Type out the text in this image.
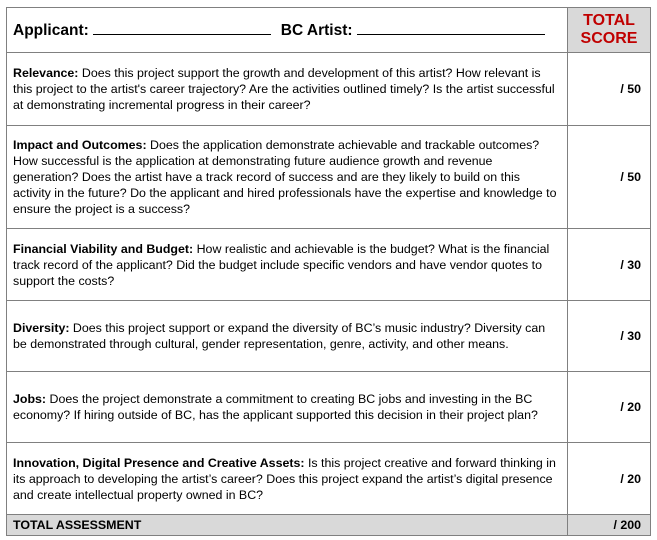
Applicant: BC Artist:	TOTAL
SCORE

Relevance: Does this project support the growth and development of this artist? How relevant is this project to the artist's career trajectory? Are the activities outlined timely? Is the artist successful at demonstrating incremental progress in their career?	/ 50
Impact and Outcomes: Does the application demonstrate achievable and trackable outcomes? How successful is the application at demonstrating future audience growth and revenue generation? Does the artist have a track record of success and are they likely to build on this activity in the future? Do the applicant and hired professionals have the expertise and knowledge to ensure the project is a success?	/ 50
Financial Viability and Budget: How realistic and achievable is the budget? What is the financial track record of the applicant? Did the budget include specific vendors and have vendor quotes to support the costs?	/ 30
Diversity: Does this project support or expand the diversity of BC’s music industry? Diversity can be demonstrated through cultural, gender representation, genre, activity, and other means.	/ 30
Jobs: Does the project demonstrate a commitment to creating BC jobs and investing in the BC economy? If hiring outside of BC, has the applicant supported this decision in their project plan?	/ 20
Innovation, Digital Presence and Creative Assets: Is this project creative and forward thinking in its approach to developing the artist’s career? Does this project expand the artist’s digital presence and create intellectual property owned in BC?	/ 20
TOTAL ASSESSMENT	/ 200
